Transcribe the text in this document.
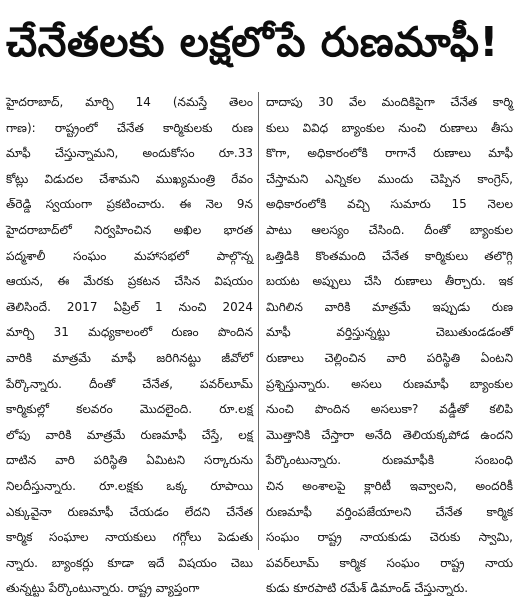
చేనేతలకు లక్షలోపే రుణమాఫీ!
హైదరాబాద్, మార్చి 14 (నమస్తే తెలం
గాణ): రాష్ట్రంలో చేనేత కార్మికులకు రుణ
మాఫీ చేస్తున్నామని, అందుకోసం రూ.33
కోట్లు విడుదల చేశామని ముఖ్యమంత్రి రేవం
త్‌రెడ్డి స్వయంగా ప్రకటించారు. ఈ నెల 9న
హైదరాబాద్‌లో నిర్వహించిన అఖిల భారత
పద్మశాలీ సంఘం మహాసభలో పాల్గొన్న
ఆయన, ఈ మేరకు ప్రకటన చేసిన విషయం
తెలిసిందే. 2017 ఏప్రిల్ 1 నుంచి 2024
మార్చి 31 మధ్యకాలంలో రుణం పొందిన
వారికి మాత్రమే మాఫీ జరిగినట్టు జీవోలో
పేర్కొన్నారు. దీంతో చేనేత, పవర్‌లూమ్
కార్మికుల్లో కలవరం మొదలైంది. రూ.లక్ష
లోపు వారికి మాత్రమే రుణమాఫీ చేస్తే, లక్ష
దాటిన వారి పరిస్థితి ఏమిటని సర్కారును
నిలదీస్తున్నారు. రూ.లక్షకు ఒక్క రూపాయి
ఎక్కువైనా రుణమాఫీ చేయడం లేదని చేనేత
కార్మిక సంఘాల నాయకులు గగ్గోలు పెడుతు
న్నారు. బ్యాంకర్లు కూడా ఇదే విషయం చెబు
తున్నట్టు పేర్కొంటున్నారు. రాష్ట్ర వ్యాప్తంగా
దాదాపు 30 వేల మందికిపైగా చేనేత కార్మి
కులు వివిధ బ్యాంకుల నుంచి రుణాలు తీసు
కొగా, అధికారంలోకి రాగానే రుణాలు మాఫీ
చేస్తామని ఎన్నికల ముందు చెప్పిన కాంగ్రెస్,
అధికారంలోకి వచ్చి సుమారు 15 నెలల
పాటు ఆలస్యం చేసింది. దీంతో బ్యాంకుల
ఒత్తిడికి కొంతమంది చేనేత కార్మికులు తలొగ్గి
బయట అప్పులు చేసి రుణాలు తీర్చారు. ఇక
మిగిలిన వారికి మాత్రమే ఇప్పుడు రుణ
మాఫీ వర్తిస్తున్నట్టు చెబుతుండడంతో
రుణాలు చెల్లించిన వారి పరిస్థితి ఏంటని
ప్రశ్నిస్తున్నారు. అసలు రుణమాఫీ బ్యాంకుల
నుంచి పొందిన అసలుకా? వడ్డీతో కలిపి
మొత్తానికి చేస్తారా అనేది తెలియక్కపోడ ఉందని
పేర్కొంటున్నారు. రుణమాఫీకి సంబంధి
చిన అంశాలపై క్లారిటీ ఇవ్వాలని, అందరికీ
రుణమాఫీ వర్తింపజేయాలని చేనేత కార్మిక
సంఘం రాష్ట్ర నాయకుడు చెరుకు స్వామి,
పవర్‌లూమ్ కార్మిక సంఘం రాష్ట్ర నాయ
కుడు కూరపాటి రమేశ్ డిమాండ్ చేస్తున్నారు.
